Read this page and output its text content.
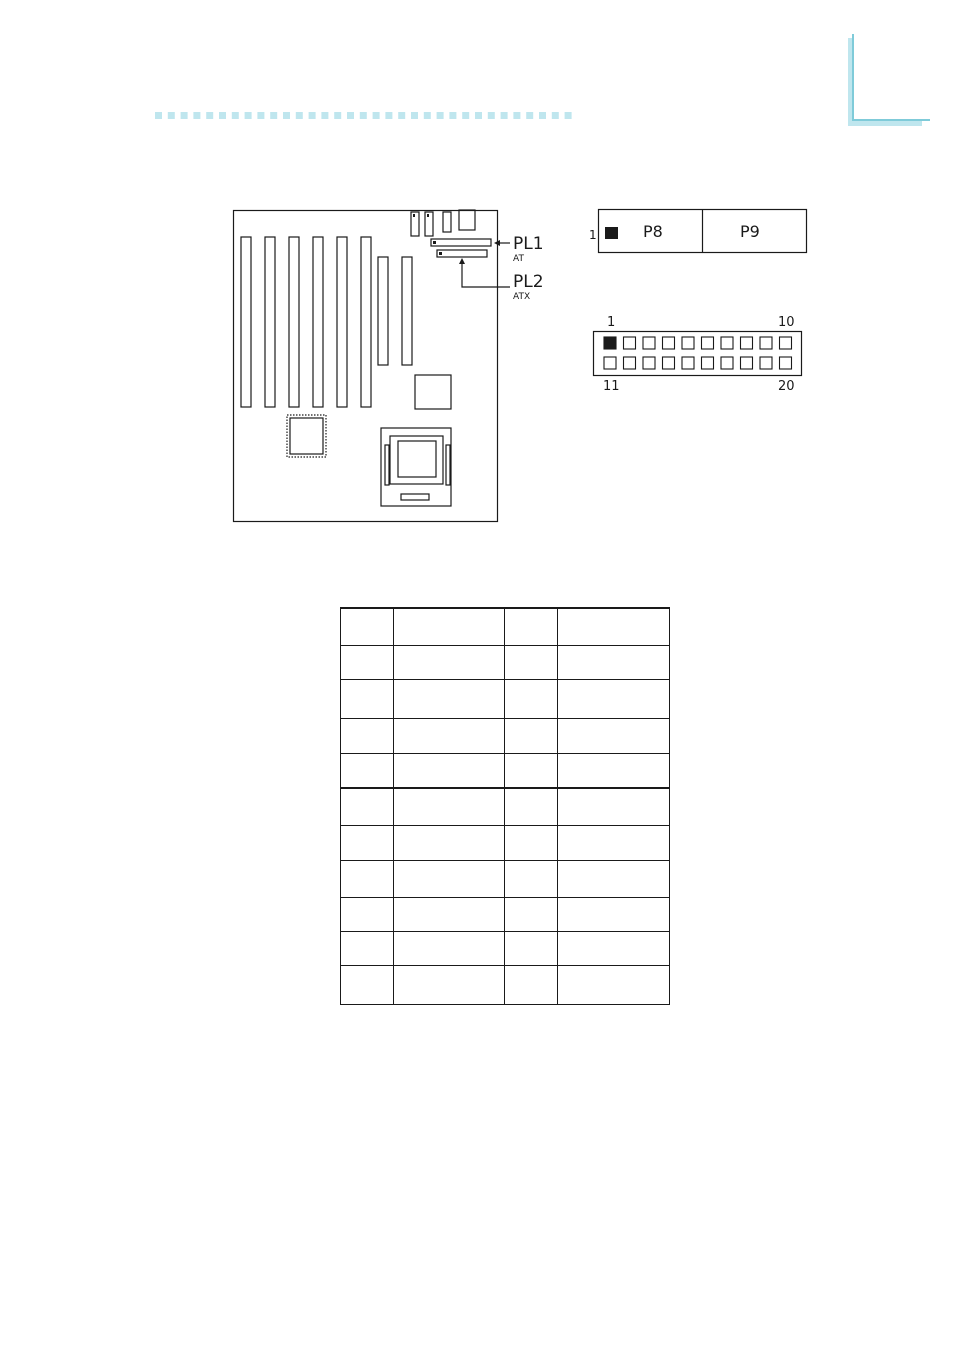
PL1
AT
PL2
ATX
1	P8	P9
1	10
11	20
